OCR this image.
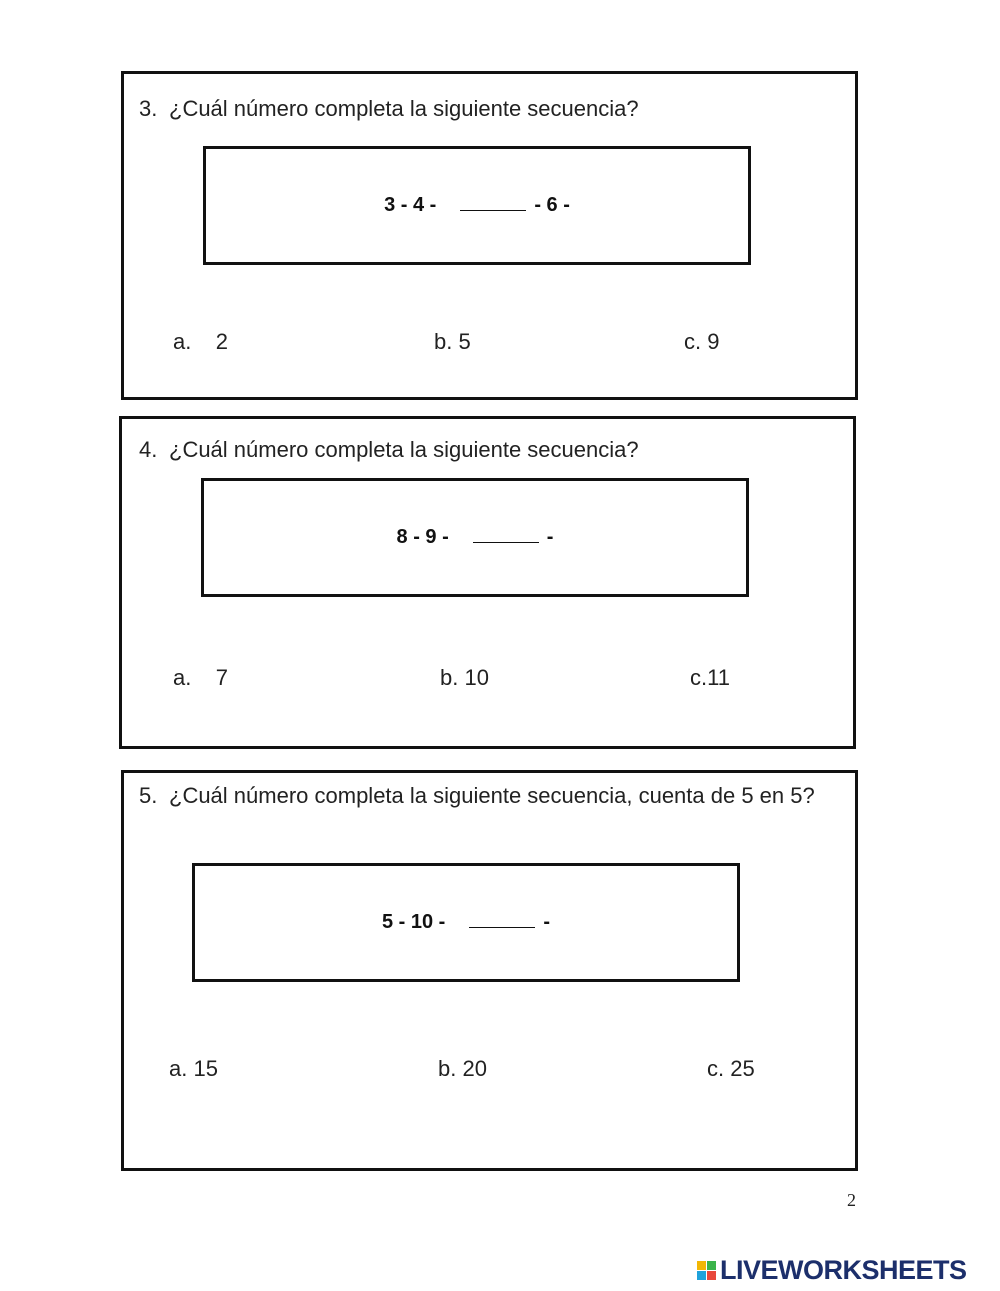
3. ¿Cuál número completa la siguiente secuencia?
3 - 4 -	- 6 -
a.    2	b. 5	c. 9
4. ¿Cuál número completa la siguiente secuencia?
8 - 9 -	-
a.    7	b. 10	c.11
5. ¿Cuál número completa la siguiente secuencia, cuenta de 5 en 5?
5 - 10 -	-
a. 15	b. 20	c. 25
2
LIVEWORKSHEETS
